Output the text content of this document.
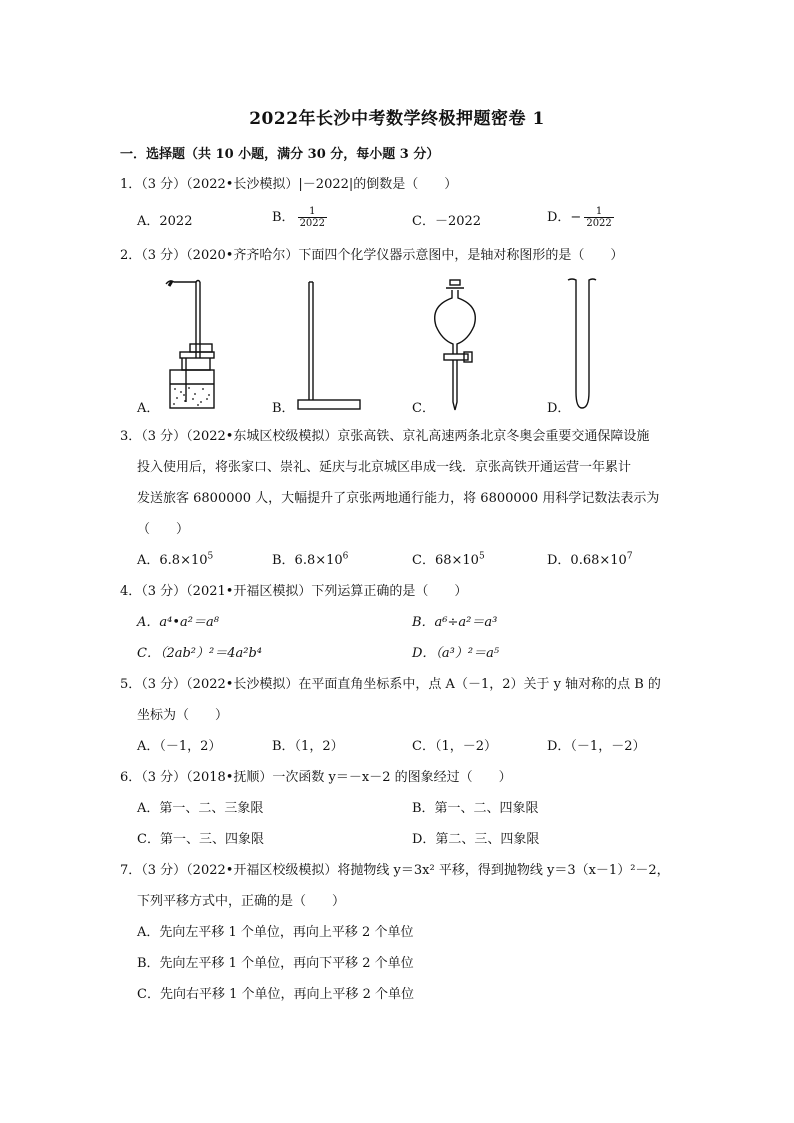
2022年长沙中考数学终极押题密卷 1
一．选择题（共 10 小题，满分 30 分，每小题 3 分）
1．（3 分）（2022•长沙模拟）|－2022|的倒数是（　　）
A．2022	B． $\frac{1}{2022}$	C．－2022	D．− $\frac{1}{2022}$
2．（3 分）（2020•齐齐哈尔）下面四个化学仪器示意图中，是轴对称图形的是（　　）
A．	B．	C．	D．
3．（3 分）（2022•东城区校级模拟）京张高铁、京礼高速两条北京冬奥会重要交通保障设施
投入使用后，将张家口、崇礼、延庆与北京城区串成一线．京张高铁开通运营一年累计
发送旅客 6800000 人，大幅提升了京张两地通行能力，将 6800000 用科学记数法表示为
（　　）
A．$6.8\times 10^5$	B．$6.8\times 10^6$	C．$68\times 10^5$	D．$0.68\times 10^7$
4．（3 分）（2021•开福区模拟）下列运算正确的是（　　）
A．a⁴•a²＝a⁸	B．a⁶÷a²＝a³
C．（2ab²）²＝4a²b⁴	D．（a³）²＝a⁵
5．（3 分）（2022•长沙模拟）在平面直角坐标系中，点 A（－1，2）关于 y 轴对称的点 B 的
坐标为（　　）
A．（－1，2）	B．（1，2）	C．（1，－2）	D．（－1，－2）
6．（3 分）（2018•抚顺）一次函数 y＝－x－2 的图象经过（　　）
A．第一、二、三象限	B．第一、二、四象限
C．第一、三、四象限	D．第二、三、四象限
7．（3 分）（2022•开福区校级模拟）将抛物线 y＝3x² 平移，得到抛物线 y＝3（x－1）²－2，
下列平移方式中，正确的是（　　）
A．先向左平移 1 个单位，再向上平移 2 个单位
B．先向左平移 1 个单位，再向下平移 2 个单位
C．先向右平移 1 个单位，再向上平移 2 个单位
